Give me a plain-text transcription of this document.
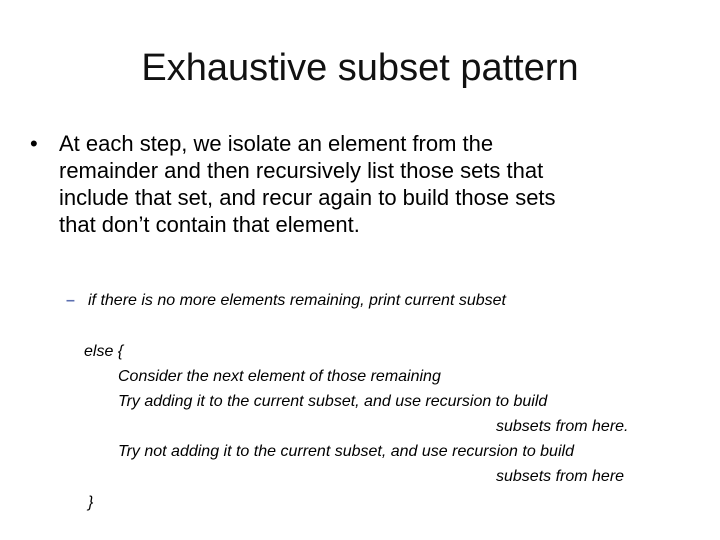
Exhaustive subset pattern
• At each step, we isolate an element from the
remainder and then recursively list those sets that
include that set, and recur again to build those sets
that don’t contain that element.
– if there is no more elements remaining, print current subset
else {
Consider the next element of those remaining
Try adding it to the current subset, and use recursion to build
subsets from here.
Try not adding it to the current subset, and use recursion to build
subsets from here
}
